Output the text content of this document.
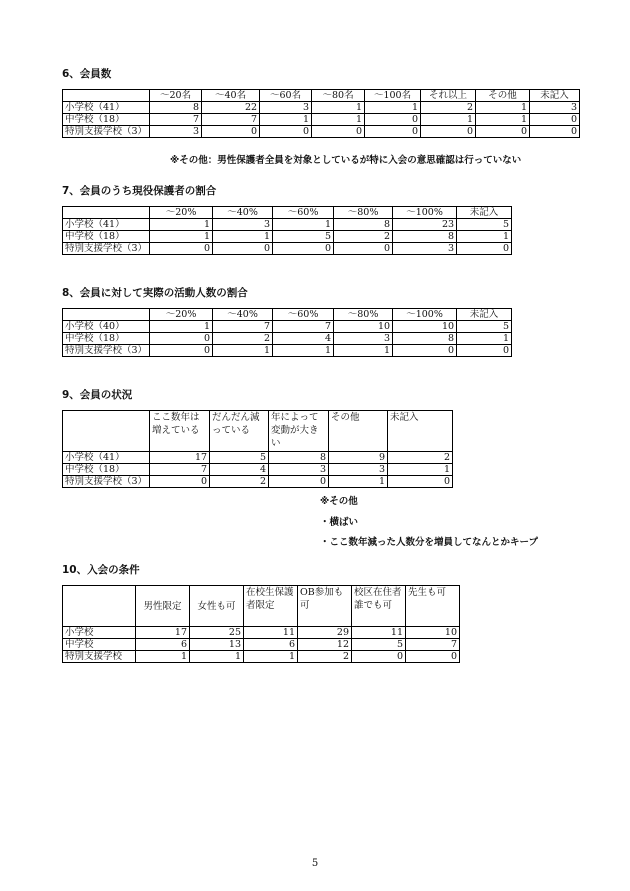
6、会員数
	～20名	～40名	～60名	～80名	～100名	それ以上	その他	未記入
小学校（41）	8	22	3	1	1	2	1	3
中学校（18）	7	7	1	1	0	1	1	0
特別支援学校（3）	3	0	0	0	0	0	0	0
※その他：男性保護者全員を対象としているが特に入会の意思確認は行っていない
7、会員のうち現役保護者の割合
	～20%	～40%	～60%	～80%	～100%	未記入
小学校（41）	1	3	1	8	23	5
中学校（18）	1	1	5	2	8	1
特別支援学校（3）	0	0	0	0	3	0
8、会員に対して実際の活動人数の割合
	～20%	～40%	～60%	～80%	～100%	未記入
小学校（40）	1	7	7	10	10	5
中学校（18）	0	2	4	3	8	1
特別支援学校（3）	0	1	1	1	0	0
9、会員の状況
	ここ数年は増えている	だんだん減っている	年によって変動が大きい	その他	未記入
小学校（41）	17	5	8	9	2
中学校（18）	7	4	3	3	1
特別支援学校（3）	0	2	0	1	0
※その他
・横ばい
・ここ数年減った人数分を増員してなんとかキープ
10、入会の条件
	男性限定	女性も可	在校生保護者限定	OB参加も可	校区在住者誰でも可	先生も可
小学校	17	25	11	29	11	10
中学校	6	13	6	12	5	7
特別支援学校	1	1	1	2	0	0
5
